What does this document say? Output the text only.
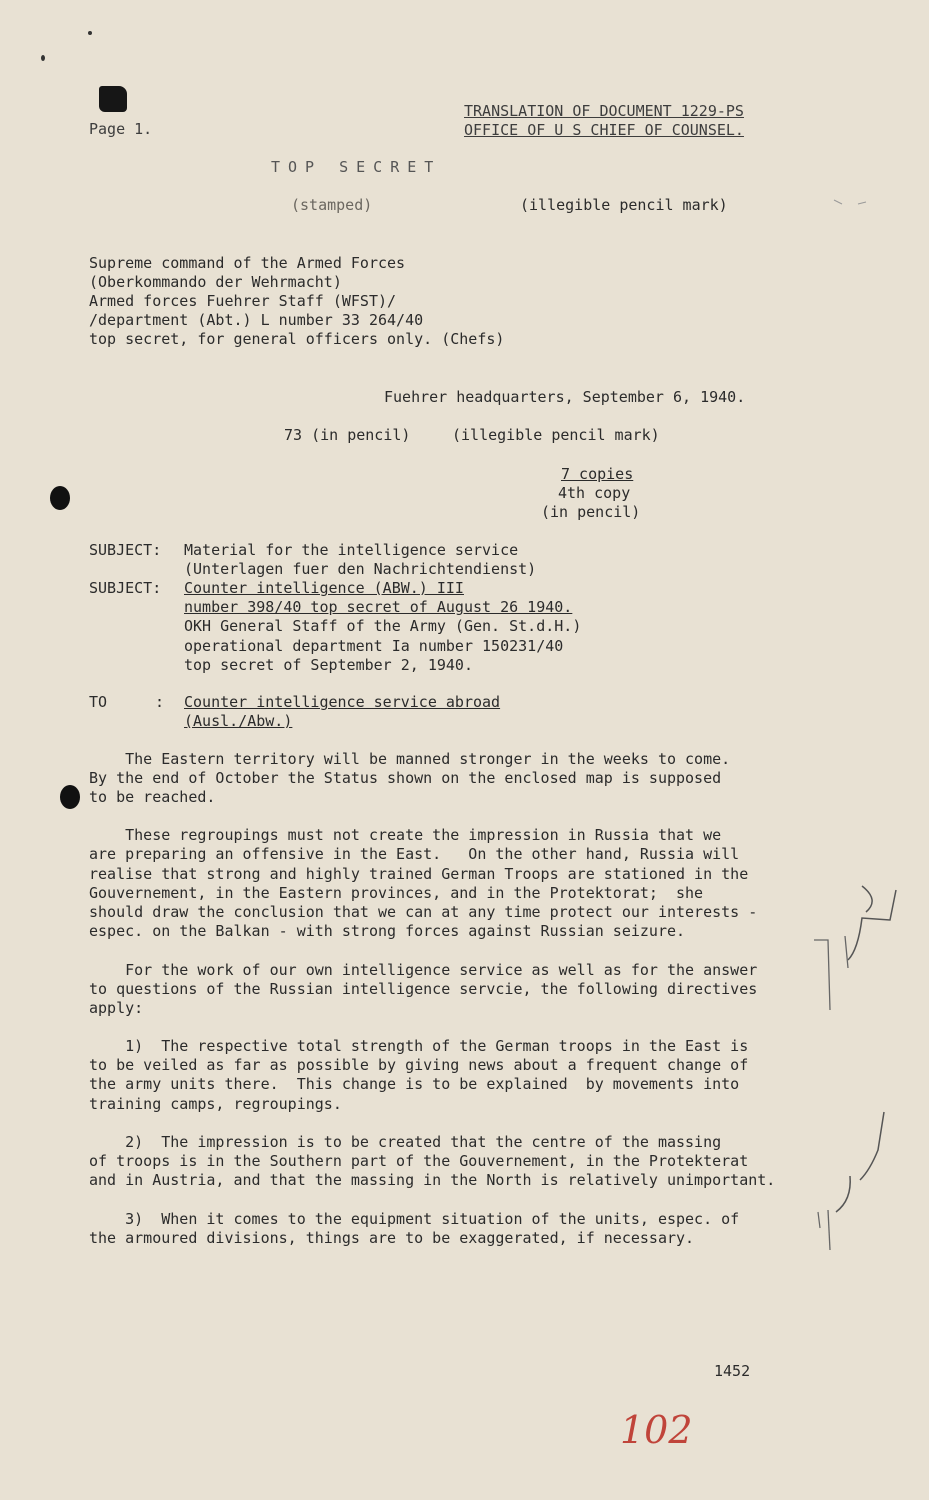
Page 1.
TRANSLATION OF DOCUMENT 1229-PS
OFFICE OF U S CHIEF OF COUNSEL.
TOP SECRET
(stamped)	(illegible pencil mark)
Supreme command of the Armed Forces
(Oberkommando der Wehrmacht)
Armed forces Fuehrer Staff (WFST)/
/department (Abt.) L number 33 264/40
top secret, for general officers only. (Chefs)
Fuehrer headquarters, September 6, 1940.
73 (in pencil)	(illegible pencil mark)
7 copies
4th copy
(in pencil)
SUBJECT: Material for the intelligence service
(Unterlagen fuer den Nachrichtendienst)
SUBJECT: Counter intelligence (ABW.) III
number 398/40 top secret of August 26 1940.
OKH General Staff of the Army (Gen. St.d.H.)
operational department Ia number 150231/40
top secret of September 2, 1940.
TO	: Counter intelligence service abroad
(Ausl./Abw.)
The Eastern territory will be manned stronger in the weeks to come.
By the end of October the Status shown on the enclosed map is supposed
to be reached.
These regroupings must not create the impression in Russia that we
are preparing an offensive in the East.   On the other hand, Russia will
realise that strong and highly trained German Troops are stationed in the
Gouvernement, in the Eastern provinces, and in the Protektorat;  she
should draw the conclusion that we can at any time protect our interests -
espec. on the Balkan - with strong forces against Russian seizure.
For the work of our own intelligence service as well as for the answer
to questions of the Russian intelligence servcie, the following directives
apply:
1)  The respective total strength of the German troops in the East is
to be veiled as far as possible by giving news about a frequent change of
the army units there.  This change is to be explained  by movements into
training camps, regroupings.
2)  The impression is to be created that the centre of the massing
of troops is in the Southern part of the Gouvernement, in the Protekterat
and in Austria, and that the massing in the North is relatively unimportant.
3)  When it comes to the equipment situation of the units, espec. of
the armoured divisions, things are to be exaggerated, if necessary.
1452
102
